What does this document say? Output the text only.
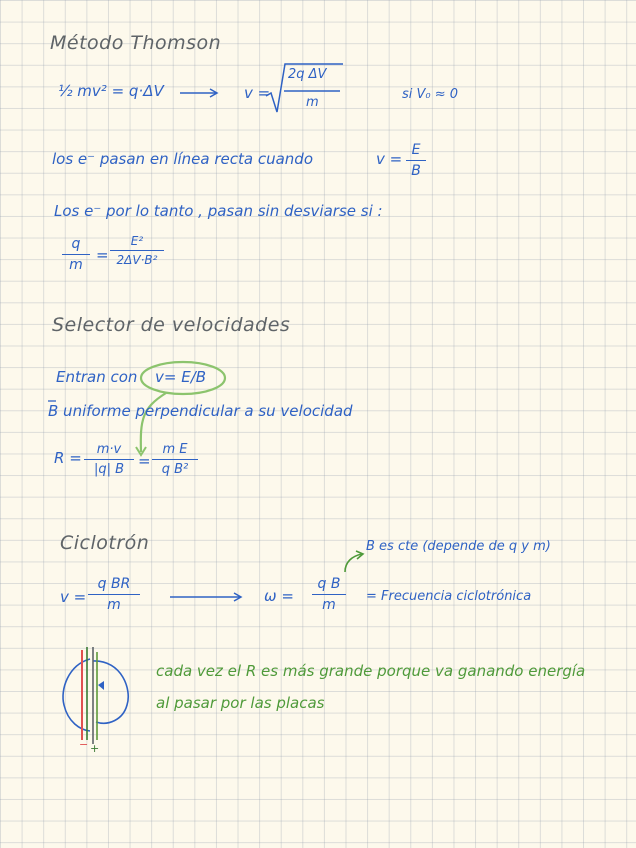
Método Thomson
½ mv² = q·ΔV
− +
v =
2q ΔV
m
si V₀ ≈ 0
los e⁻ pasan en línea recta cuando	v = E
B
Los e⁻ por lo tanto , pasan sin desviarse si :
q
m
=
E²
2ΔV·B²
Selector de velocidades
Entran con v= E/B
B uniforme perpendicular a su velocidad
R =	m·v
|q| B =
m E
q B²
Ciclotrón	B es cte (depende de q y m)
v =
q BR
m	ω =
q B
m
= Frecuencia ciclotrónica
cada vez el R es más grande porque va ganando energía
al pasar por las placas
